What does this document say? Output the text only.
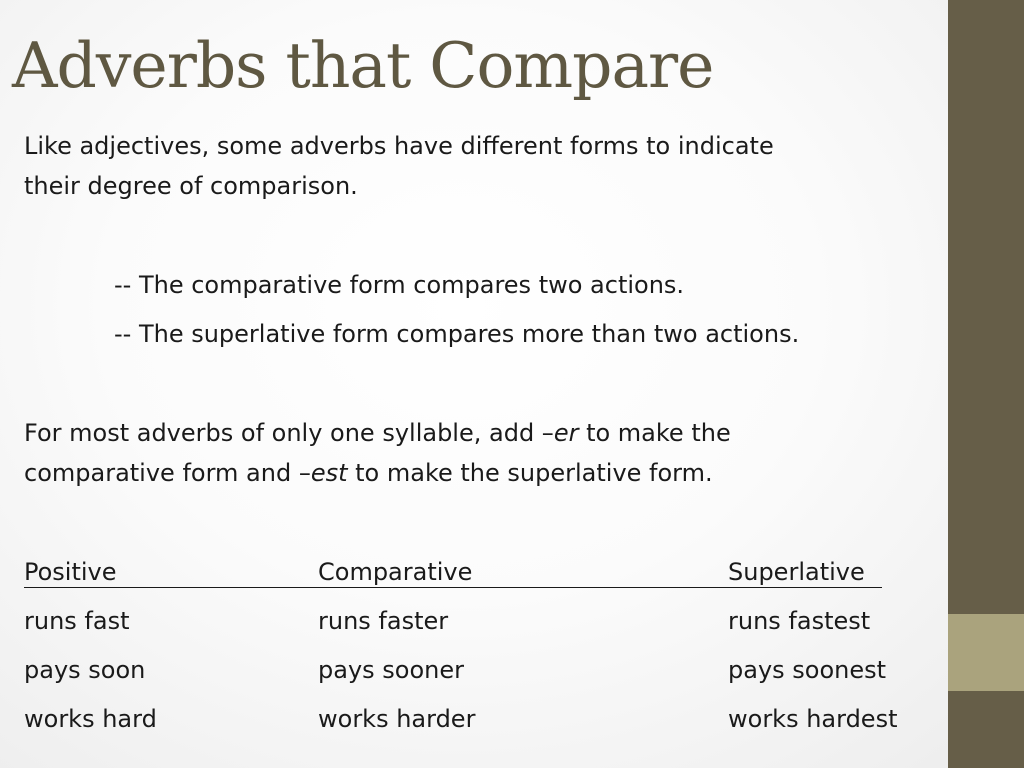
Adverbs that Compare
Like adjectives, some adverbs have different forms to indicate
their degree of comparison.
-- The comparative form compares two actions.
-- The superlative form compares more than two actions.
For most adverbs of only one syllable, add –er to make the
comparative form and –est to make the superlative form.
Positive	Comparative	Superlative
runs fast	runs faster	runs fastest
pays soon	pays sooner	pays soonest
works hard	works harder	works hardest
